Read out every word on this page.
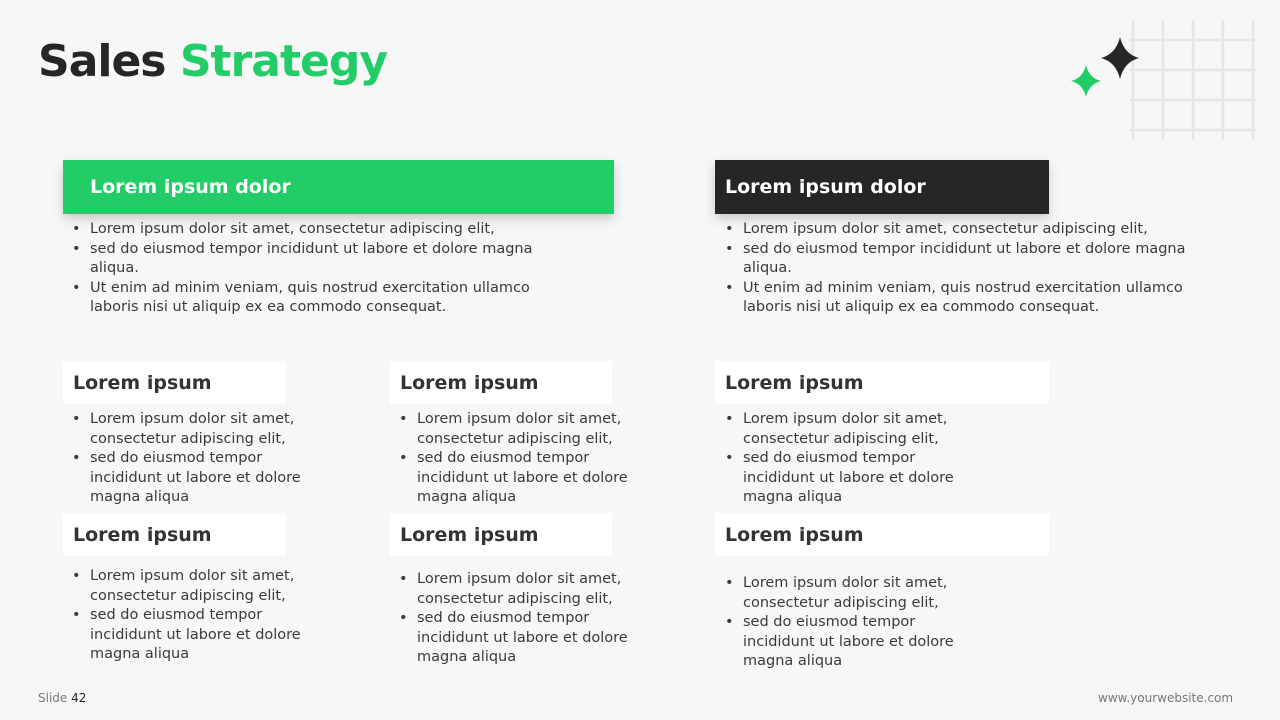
Sales Strategy
Lorem ipsum dolor
• Lorem ipsum dolor sit amet, consectetur adipiscing elit,
• sed do eiusmod tempor incididunt ut labore et dolore magna aliqua.
• Ut enim ad minim veniam, quis nostrud exercitation ullamco laboris nisi ut aliquip ex ea commodo consequat.
Lorem ipsum dolor
• Lorem ipsum dolor sit amet, consectetur adipiscing elit,
• sed do eiusmod tempor incididunt ut labore et dolore magna aliqua.
• Ut enim ad minim veniam, quis nostrud exercitation ullamco laboris nisi ut aliquip ex ea commodo consequat.
Lorem ipsum
• Lorem ipsum dolor sit amet, consectetur adipiscing elit,
• sed do eiusmod tempor incididunt ut labore et dolore magna aliqua
Lorem ipsum
• Lorem ipsum dolor sit amet, consectetur adipiscing elit,
• sed do eiusmod tempor incididunt ut labore et dolore magna aliqua
Lorem ipsum
• Lorem ipsum dolor sit amet, consectetur adipiscing elit,
• sed do eiusmod tempor incididunt ut labore et dolore magna aliqua
Lorem ipsum
• Lorem ipsum dolor sit amet, consectetur adipiscing elit,
• sed do eiusmod tempor incididunt ut labore et dolore magna aliqua
Lorem ipsum
• Lorem ipsum dolor sit amet, consectetur adipiscing elit,
• sed do eiusmod tempor incididunt ut labore et dolore magna aliqua
Lorem ipsum
• Lorem ipsum dolor sit amet, consectetur adipiscing elit,
• sed do eiusmod tempor incididunt ut labore et dolore magna aliqua
Slide 42	www.yourwebsite.com
